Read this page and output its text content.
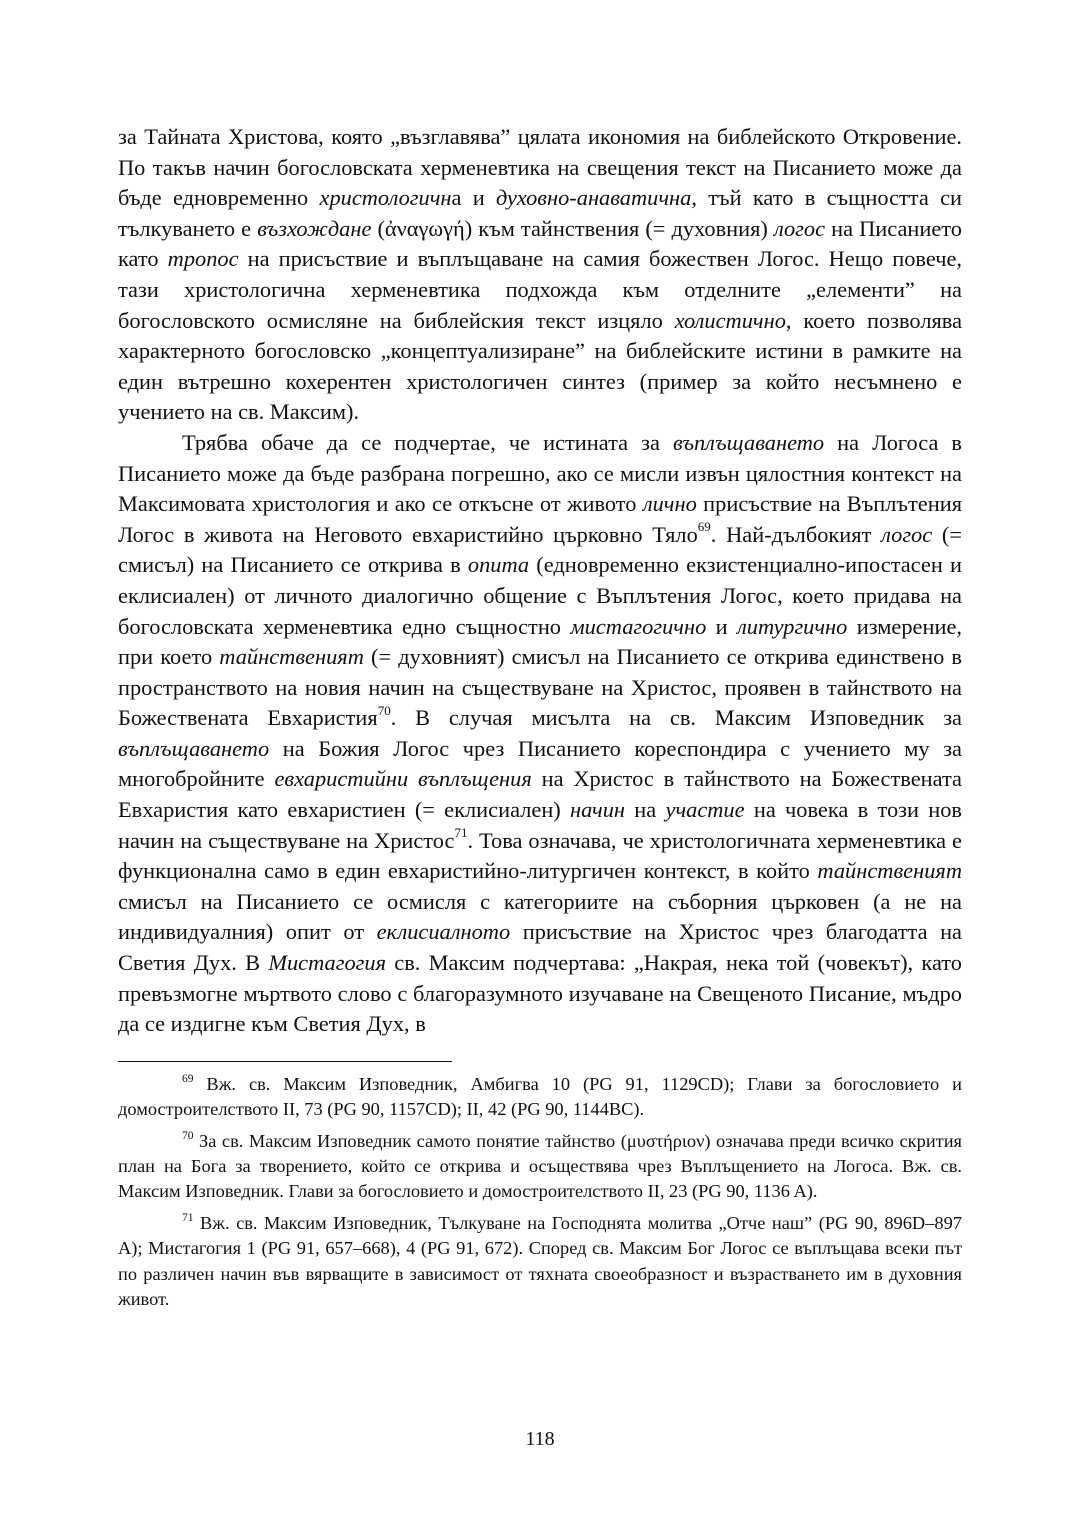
за Тайната Христова, която „възглавява” цялата икономия на библейското Откровение. По такъв начин богословската херменевтика на свещения текст на Писанието може да бъде едновременно христологична и духовно-анаватична, тъй като в същността си тълкуването е възхождане (ἀναγωγή) към тайнствения (= духовния) логос на Писанието като тропос на присъствие и въплъщаване на самия божествен Логос. Нещо повече, тази христологична херменевтика подхожда към отделните „елементи” на богословското осмисляне на библейския текст изцяло холистично, което позволява характерното богословско „концептуализиране” на библейските истини в рамките на един вътрешно кохерентен христологичен синтез (пример за който несъмнено е учението на св. Максим).

Трябва обаче да се подчертае, че истината за въплъщаването на Логоса в Писанието може да бъде разбрана погрешно, ако се мисли извън цялостния контекст на Максимовата христология и ако се откъсне от живото лично присъствие на Въплътения Логос в живота на Неговото евхаристийно църковно Тяло$^{69}$. Най-дълбокият логос (= смисъл) на Писанието се открива в опита (едновременно екзистенциално-ипостасен и еклисиален) от личното диалогично общение с Въплътения Логос, което придава на богословската херменевтика едно същностно мистагогично и литургично измерение, при което тайнственият (= духовният) смисъл на Писанието се открива единствено в пространството на новия начин на съществуване на Христос, проявен в тайнството на Божествената Евхаристия$^{70}$. В случая мисълта на св. Максим Изповедник за въплъщаването на Божия Логос чрез Писанието кореспондира с учението му за многобройните евхаристийни въплъщения на Христос в тайнството на Божествената Евхаристия като евхаристиен (= еклисиален) начин на участие на човека в този нов начин на съществуване на Христос$^{71}$. Това означава, че христологичната херменевтика е функционална само в един евхаристийно-литургичен контекст, в който тайнственият смисъл на Писанието се осмисля с категориите на съборния църковен (а не на индивидуалния) опит от еклисиалното присъствие на Христос чрез благодатта на Светия Дух. В Мистагогия св. Максим подчертава: „Накрая, нека той (човекът), като превъзмогне мъртвото слово с благоразумното изучаване на Свещеното Писание, мъдро да се издигне към Светия Дух, в

$^{69}$ Вж. св. Максим Изповедник, Амбигва 10 (PG 91, 1129CD); Глави за богословието и домостроителството II, 73 (PG 90, 1157CD); II, 42 (PG 90, 1144BC).

$^{70}$ За св. Максим Изповедник самото понятие тайнство (μυστήριον) означава преди всичко скрития план на Бога за творението, който се открива и осъществява чрез Въплъщението на Логоса. Вж. св. Максим Изповедник. Глави за богословието и домостроителството II, 23 (PG 90, 1136 A).

$^{71}$ Вж. св. Максим Изповедник, Тълкуване на Господнята молитва „Отче наш” (PG 90, 896D–897 A); Мистагогия 1 (PG 91, 657–668), 4 (PG 91, 672). Според св. Максим Бог Логос се въплъщава всеки път по различен начин във вярващите в зависимост от тяхната своеобразност и възрастването им в духовния живот.

118
